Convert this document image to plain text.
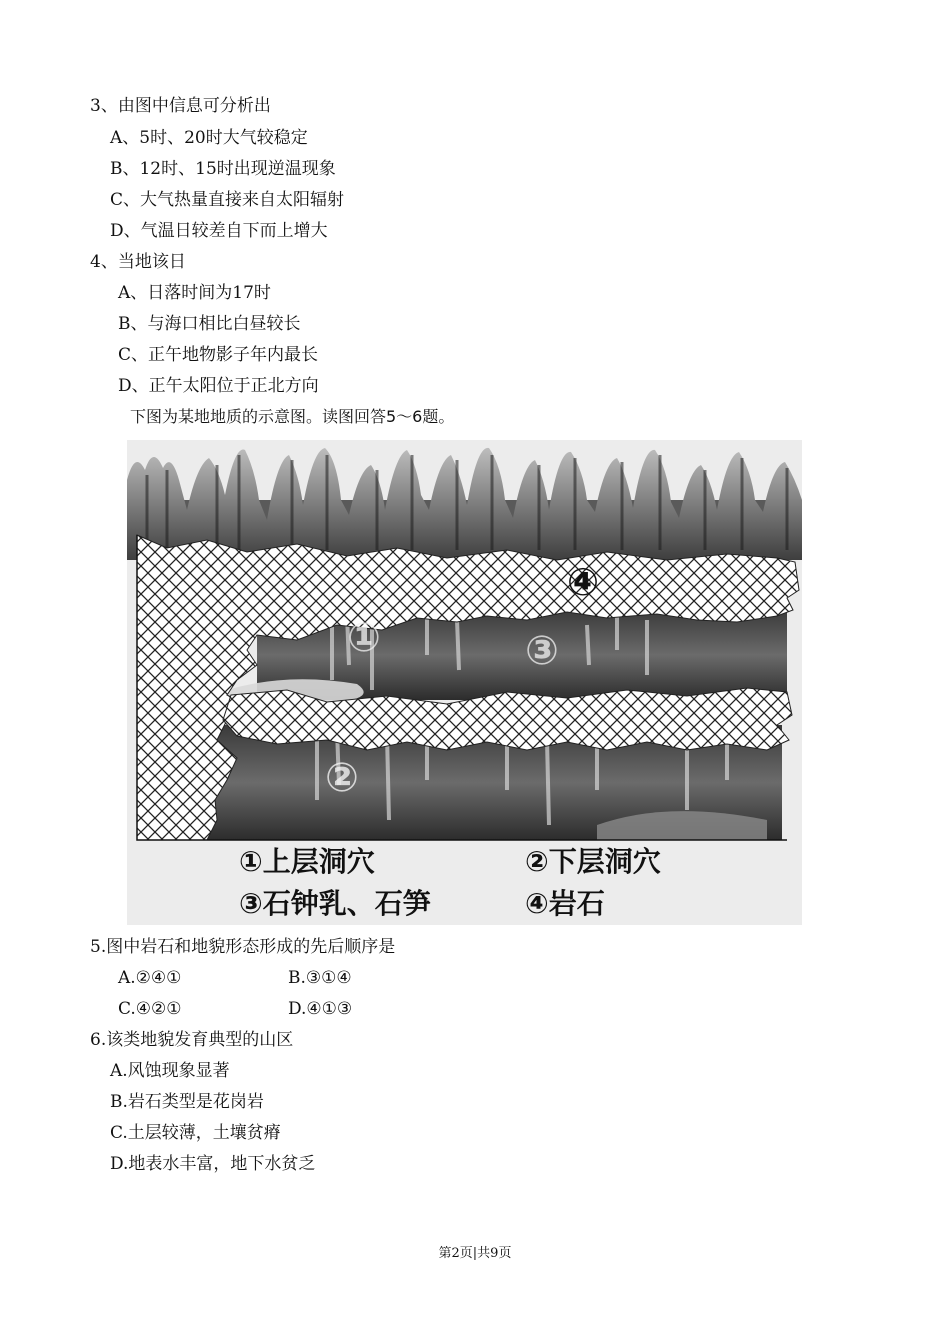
3、由图中信息可分析出
A、5时、20时大气较稳定
B、12时、15时出现逆温现象
C、大气热量直接来自太阳辐射
D、气温日较差自下而上增大
4、当地该日
A、日落时间为17时
B、与海口相比白昼较长
C、正午地物影子年内最长
D、正午太阳位于正北方向
下图为某地地质的示意图。读图回答5～6题。
①
②
③
④
①上层洞穴	②下层洞穴
③石钟乳、石笋	④岩石
5.图中岩石和地貌形态形成的先后顺序是
A.②④①	B.③①④
C.④②①	D.④①③
6.该类地貌发育典型的山区
A.风蚀现象显著
B.岩石类型是花岗岩
C.土层较薄，土壤贫瘠
D.地表水丰富，地下水贫乏
第2页|共9页
